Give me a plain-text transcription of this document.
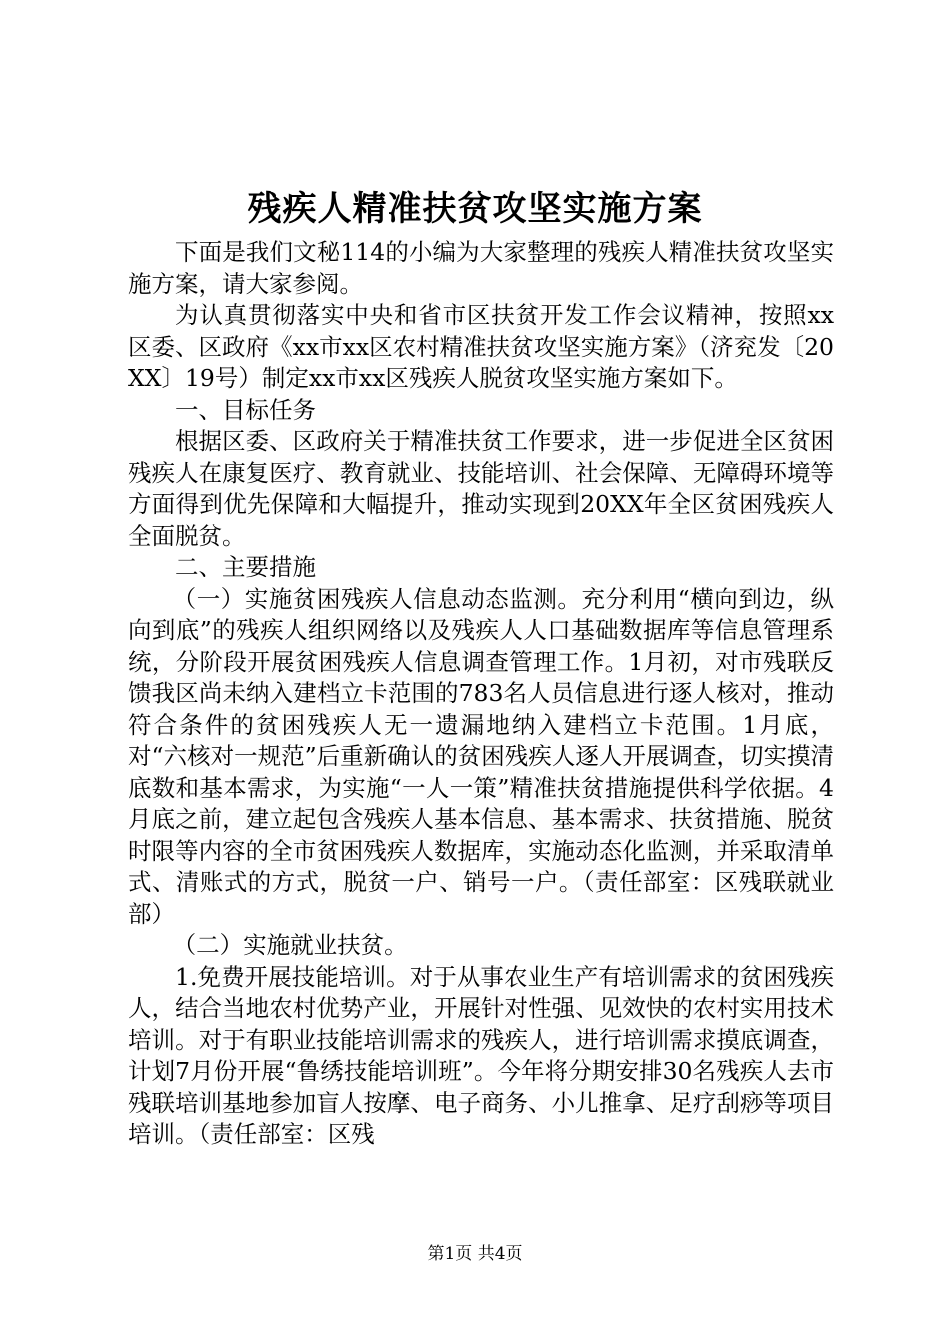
残疾人精准扶贫攻坚实施方案

下面是我们文秘114的小编为大家整理的残疾人精准扶贫攻坚实施方案，请大家参阅。

为认真贯彻落实中央和省市区扶贫开发工作会议精神，按照xx区委、区政府《xx市xx区农村精准扶贫攻坚实施方案》（济兖发〔20XX〕19号）制定xx市xx区残疾人脱贫攻坚实施方案如下。

一、目标任务

根据区委、区政府关于精准扶贫工作要求，进一步促进全区贫困残疾人在康复医疗、教育就业、技能培训、社会保障、无障碍环境等方面得到优先保障和大幅提升，推动实现到20XX年全区贫困残疾人全面脱贫。

二、主要措施

（一）实施贫困残疾人信息动态监测。充分利用“横向到边，纵向到底”的残疾人组织网络以及残疾人人口基础数据库等信息管理系统，分阶段开展贫困残疾人信息调查管理工作。1月初，对市残联反馈我区尚未纳入建档立卡范围的783名人员信息进行逐人核对，推动符合条件的贫困残疾人无一遗漏地纳入建档立卡范围。1月底，对“六核对一规范”后重新确认的贫困残疾人逐人开展调查，切实摸清底数和基本需求，为实施“一人一策”精准扶贫措施提供科学依据。4月底之前，建立起包含残疾人基本信息、基本需求、扶贫措施、脱贫时限等内容的全市贫困残疾人数据库，实施动态化监测，并采取清单式、清账式的方式，脱贫一户、销号一户。（责任部室：区残联就业部）

（二）实施就业扶贫。

1.免费开展技能培训。对于从事农业生产有培训需求的贫困残疾人，结合当地农村优势产业，开展针对性强、见效快的农村实用技术培训。对于有职业技能培训需求的残疾人，进行培训需求摸底调查，计划7月份开展“鲁绣技能培训班”。今年将分期安排30名残疾人去市残联培训基地参加盲人按摩、电子商务、小儿推拿、足疗刮痧等项目培训。（责任部室：区残

第1页 共4页
